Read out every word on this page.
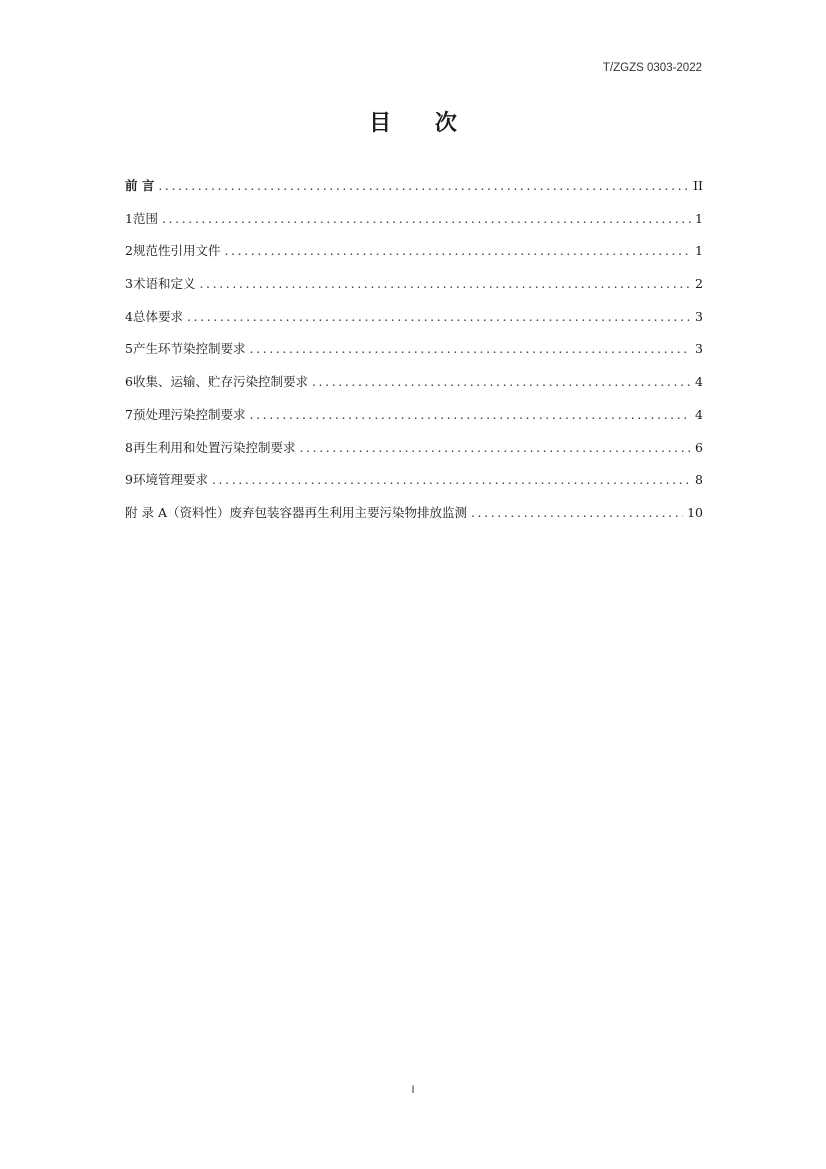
T/ZGZS 0303-2022
目 次
前 言 .....	II
1 范围 .....	1
2 规范性引用文件 .....	1
3 术语和定义 .....	2
4 总体要求 .....	3
5 产生环节染控制要求 .....	3
6 收集、运输、贮存污染控制要求 .....	4
7 预处理污染控制要求 .....	4
8 再生利用和处置污染控制要求 .....	6
9 环境管理要求 .....	8
附 录 A（资料性）废弃包装容器再生利用主要污染物排放监测 .....	10
I
